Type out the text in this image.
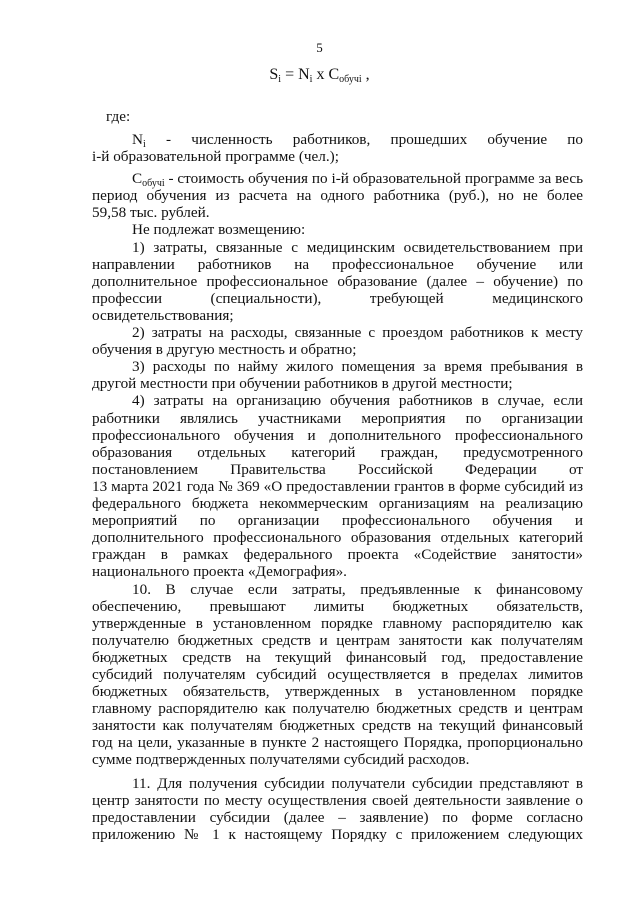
5
$S_i = N_i$ х $C_{обучi}$ ,
где:
$N_i$ - численность работников, прошедших обучение по
i-й образовательной программе (чел.);
$C_{обучi}$ - стоимость обучения по i-й образовательной программе за весь
период обучения из расчета на одного работника (руб.), но не более
59,58 тыс. рублей.
Не подлежат возмещению:
1) затраты, связанные с медицинским освидетельствованием при
направлении работников на профессиональное обучение или
дополнительное профессиональное образование (далее – обучение) по
профессии (специальности), требующей медицинского
освидетельствования;
2) затраты на расходы, связанные с проездом работников к месту
обучения в другую местность и обратно;
3) расходы по найму жилого помещения за время пребывания в
другой местности при обучении работников в другой местности;
4) затраты на организацию обучения работников в случае, если
работники являлись участниками мероприятия по организации
профессионального обучения и дополнительного профессионального
образования отдельных категорий граждан, предусмотренного
постановлением Правительства Российской Федерации от
13 марта 2021 года № 369 «О предоставлении грантов в форме субсидий из
федерального бюджета некоммерческим организациям на реализацию
мероприятий по организации профессионального обучения и
дополнительного профессионального образования отдельных категорий
граждан в рамках федерального проекта «Содействие занятости»
национального проекта «Демография».
10. В случае если затраты, предъявленные к финансовому
обеспечению, превышают лимиты бюджетных обязательств,
утвержденные в установленном порядке главному распорядителю как
получателю бюджетных средств и центрам занятости как получателям
бюджетных средств на текущий финансовый год, предоставление
субсидий получателям субсидий осуществляется в пределах лимитов
бюджетных обязательств, утвержденных в установленном порядке
главному распорядителю как получателю бюджетных средств и центрам
занятости как получателям бюджетных средств на текущий финансовый
год на цели, указанные в пункте 2 настоящего Порядка, пропорционально
сумме подтвержденных получателями субсидий расходов.
11. Для получения субсидии получатели субсидии представляют в
центр занятости по месту осуществления своей деятельности заявление о
предоставлении субсидии (далее – заявление) по форме согласно
приложению № 1 к настоящему Порядку с приложением следующих
